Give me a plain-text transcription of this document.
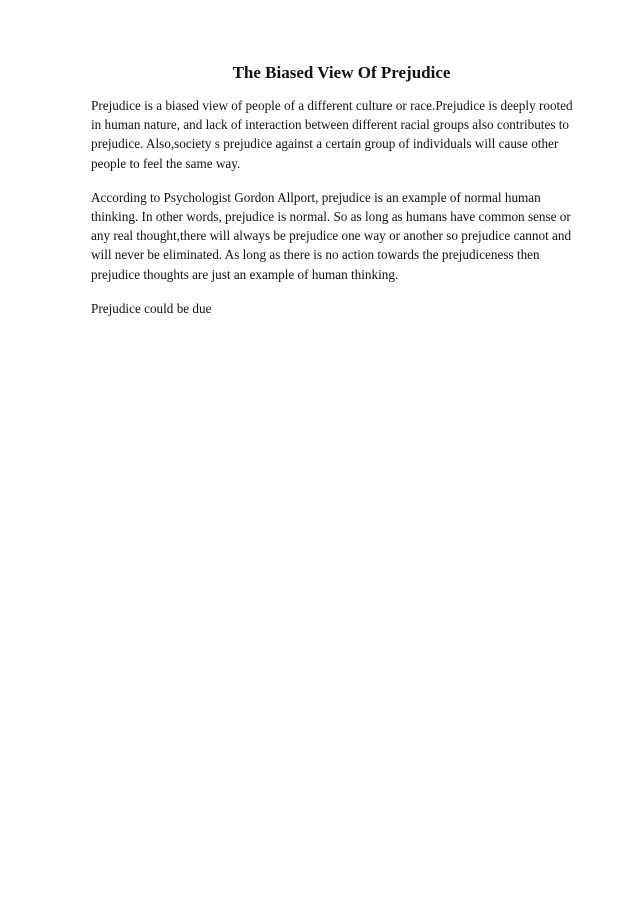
The Biased View Of Prejudice

Prejudice is a biased view of people of a different culture or race.Prejudice is deeply rooted in human nature, and lack of interaction between different racial groups also contributes to prejudice. Also,society s prejudice against a certain group of individuals will cause other people to feel the same way.

According to Psychologist Gordon Allport, prejudice is an example of normal human thinking. In other words, prejudice is normal. So as long as humans have common sense or any real thought,there will always be prejudice one way or another so prejudice cannot and will never be eliminated. As long as there is no action towards the prejudiceness then prejudice thoughts are just an example of human thinking.

Prejudice could be due
